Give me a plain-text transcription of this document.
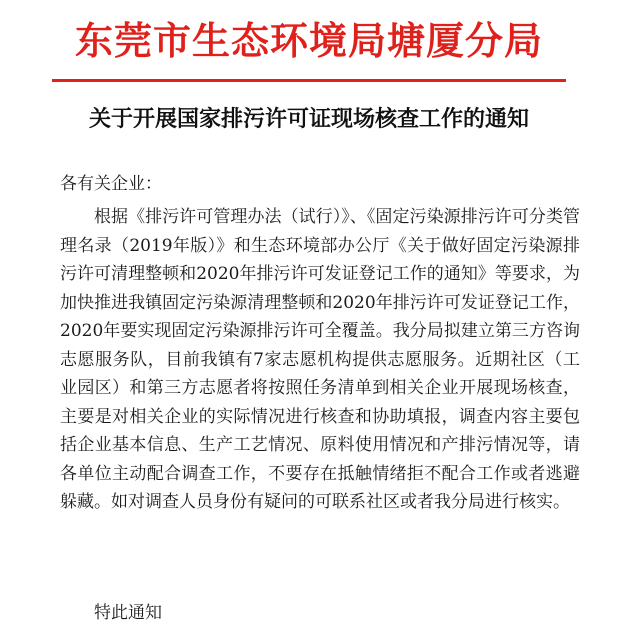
东莞市生态环境局塘厦分局
关于开展国家排污许可证现场核查工作的通知
各有关企业：

根据《排污许可管理办法（试行）》、《固定污染源排污许可分类管理名录（2019年版）》和生态环境部办公厅《关于做好固定污染源排污许可清理整顿和2020年排污许可发证登记工作的通知》等要求，为加快推进我镇固定污染源清理整顿和2020年排污许可发证登记工作，2020年要实现固定污染源排污许可全覆盖。我分局拟建立第三方咨询志愿服务队，目前我镇有7家志愿机构提供志愿服务。近期社区（工业园区）和第三方志愿者将按照任务清单到相关企业开展现场核查，主要是对相关企业的实际情况进行核查和协助填报，调查内容主要包括企业基本信息、生产工艺情况、原料使用情况和产排污情况等，请各单位主动配合调查工作，不要存在抵触情绪拒不配合工作或者逃避躲藏。如对调查人员身份有疑问的可联系社区或者我分局进行核实。

特此通知
